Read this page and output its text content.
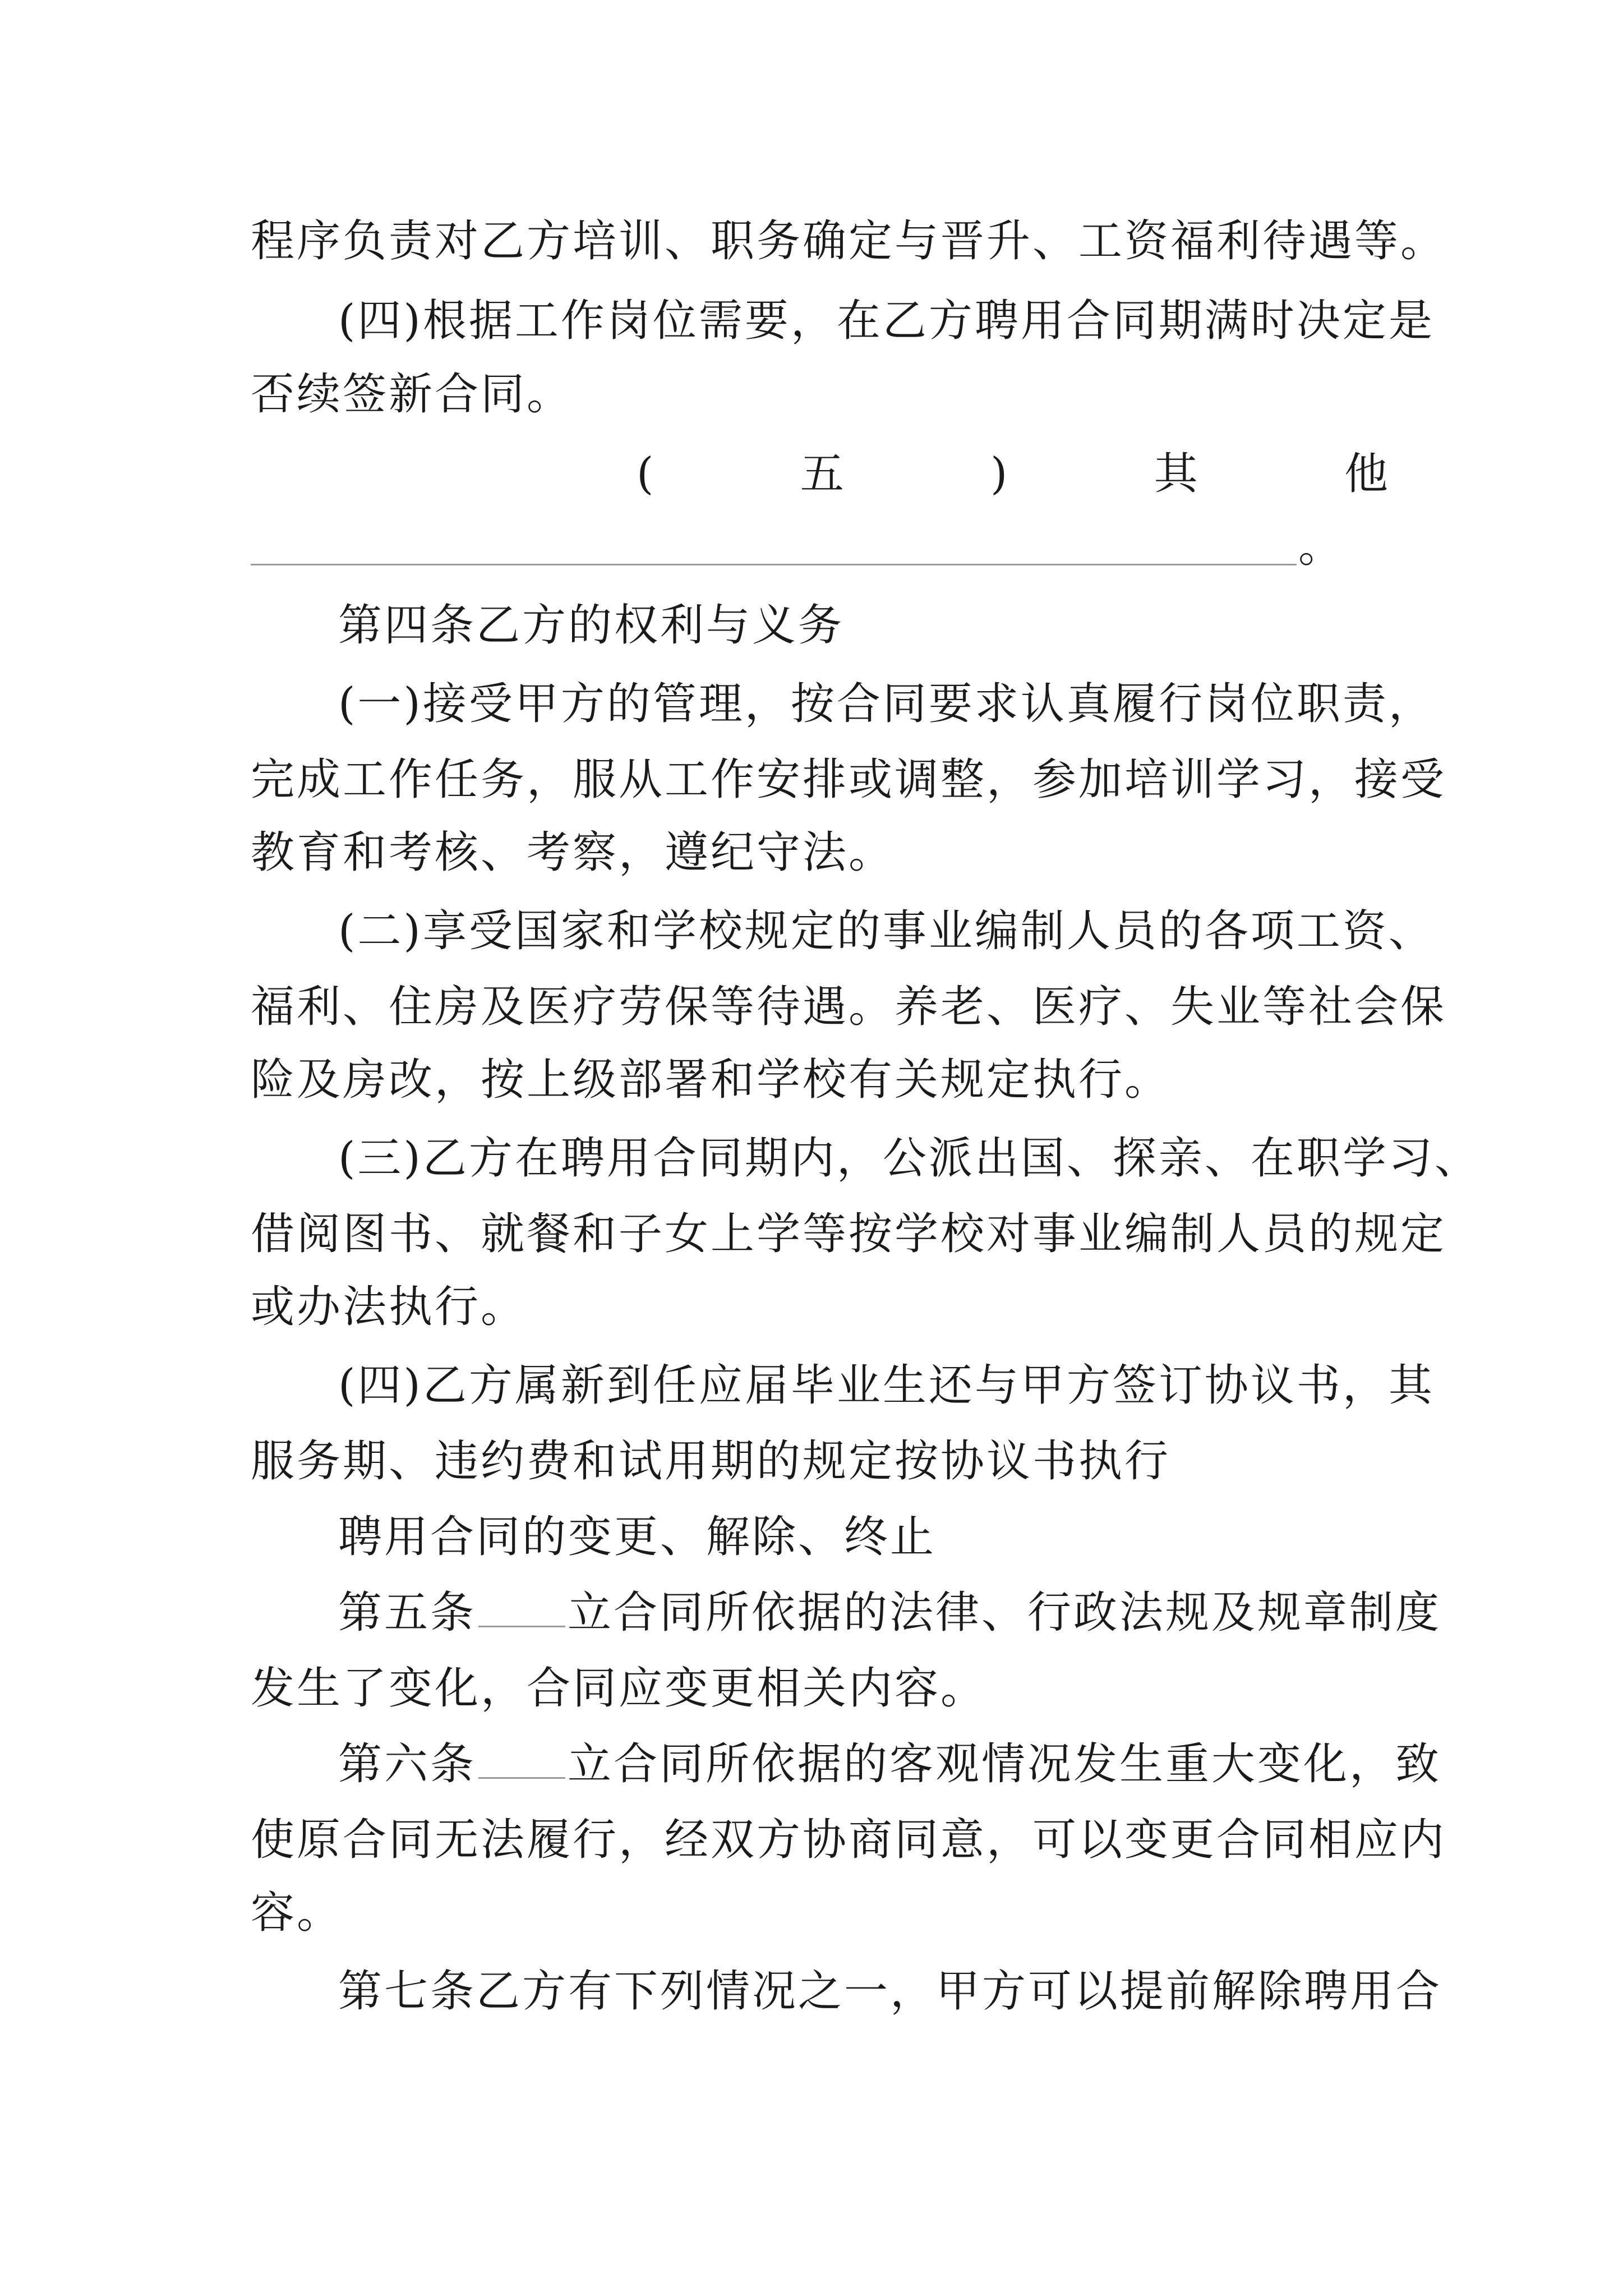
程序负责对乙方培训、职务确定与晋升、工资福利待遇等。
(四)根据工作岗位需要，在乙方聘用合同期满时决定是
否续签新合同。
(	五	)	其	他
。
第四条乙方的权利与义务
(一)接受甲方的管理，按合同要求认真履行岗位职责，
完成工作任务，服从工作安排或调整，参加培训学习，接受
教育和考核、考察，遵纪守法。
(二)享受国家和学校规定的事业编制人员的各项工资、
福利、住房及医疗劳保等待遇。养老、医疗、失业等社会保
险及房改，按上级部署和学校有关规定执行。
(三)乙方在聘用合同期内，公派出国、探亲、在职学习、
借阅图书、就餐和子女上学等按学校对事业编制人员的规定
或办法执行。
(四)乙方属新到任应届毕业生还与甲方签订协议书，其
服务期、违约费和试用期的规定按协议书执行
聘用合同的变更、解除、终止
第五条 立合同所依据的法律、行政法规及规章制度
发生了变化，合同应变更相关内容。
第六条 立合同所依据的客观情况发生重大变化，致
使原合同无法履行，经双方协商同意，可以变更合同相应内
容。
第七条乙方有下列情况之一，甲方可以提前解除聘用合
